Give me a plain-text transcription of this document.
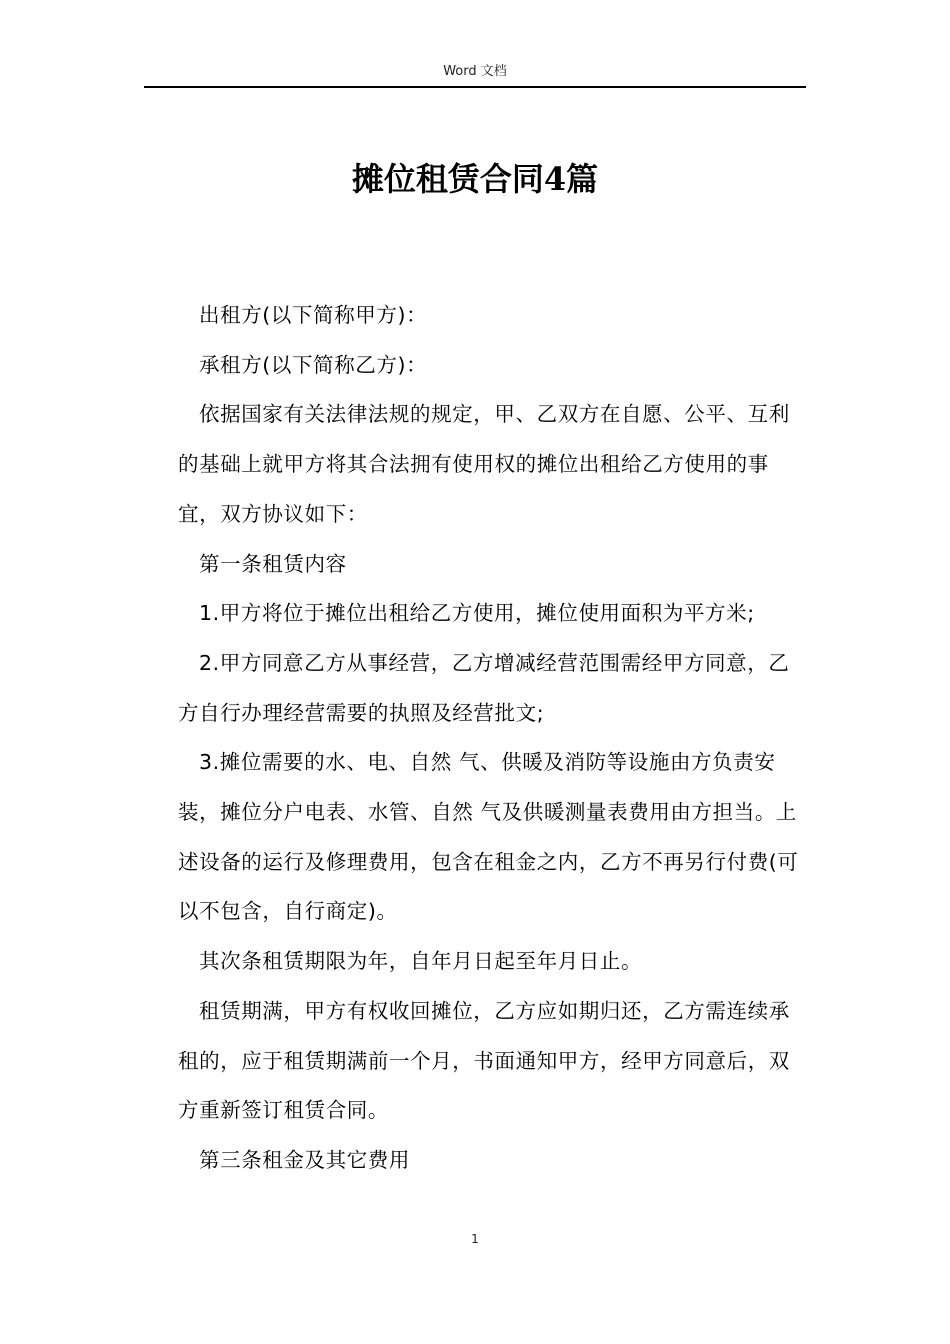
Word 文档
摊位租赁合同4篇

出租方(以下简称甲方)：

承租方(以下简称乙方)：

依据国家有关法律法规的规定，甲、乙双方在自愿、公平、互利的基础上就甲方将其合法拥有使用权的摊位出租给乙方使用的事宜，双方协议如下：

第一条租赁内容

1.甲方将位于摊位出租给乙方使用，摊位使用面积为平方米;

2.甲方同意乙方从事经营，乙方增减经营范围需经甲方同意，乙方自行办理经营需要的执照及经营批文;

3.摊位需要的水、电、自然 气、供暖及消防等设施由方负责安装，摊位分户电表、水管、自然 气及供暖测量表费用由方担当。上述设备的运行及修理费用，包含在租金之内，乙方不再另行付费(可以不包含，自行商定)。

其次条租赁期限为年，自年月日起至年月日止。

租赁期满，甲方有权收回摊位，乙方应如期归还，乙方需连续承租的，应于租赁期满前一个月，书面通知甲方，经甲方同意后，双方重新签订租赁合同。

第三条租金及其它费用

1
